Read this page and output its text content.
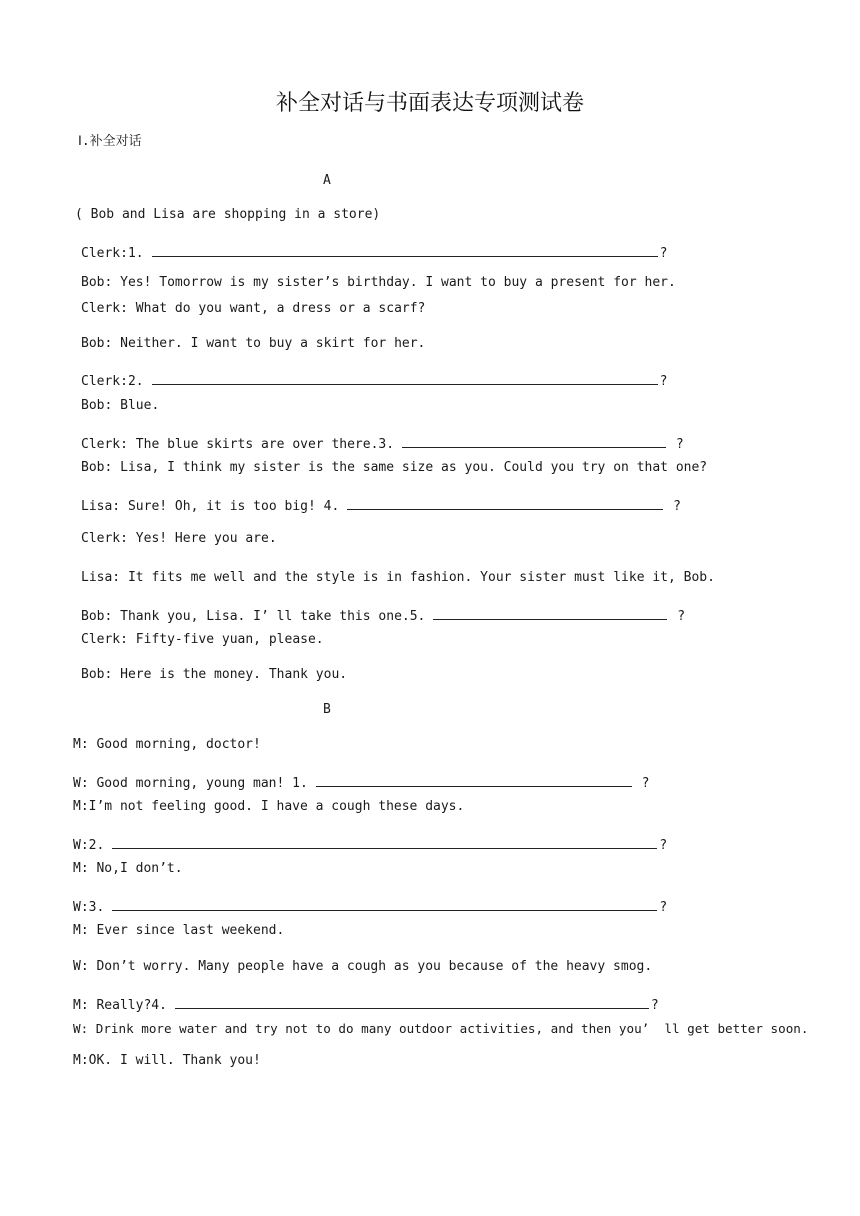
补全对话与书面表达专项测试卷
Ⅰ.补全对话
A
( Bob and Lisa are shopping in a store)
Clerk:1.	?
Bob: Yes! Tomorrow is my sister’s birthday. I want to buy a present for her.
Clerk: What do you want, a dress or a scarf?
Bob: Neither. I want to buy a skirt for her.
Clerk:2.	?
Bob: Blue.
Clerk: The blue skirts are over there.3.	?
Bob: Lisa, I think my sister is the same size as you. Could you try on that one?
Lisa: Sure! Oh, it is too big! 4.	?
Clerk: Yes! Here you are.
Lisa: It fits me well and the style is in fashion. Your sister must like it, Bob.
Bob: Thank you, Lisa. I’ ll take this one.5.	?
Clerk: Fifty-five yuan, please.
Bob: Here is the money. Thank you.
B
M: Good morning, doctor!
W: Good morning, young man! 1.	?
M:I’m not feeling good. I have a cough these days.
W:2.	?
M: No,I don’t.
W:3.	?
M: Ever since last weekend.
W: Don’t worry. Many people have a cough as you because of the heavy smog.
M: Really?4.	?
W: Drink more water and try not to do many outdoor activities, and then you’  ll get better soon.
M:OK. I will. Thank you!
